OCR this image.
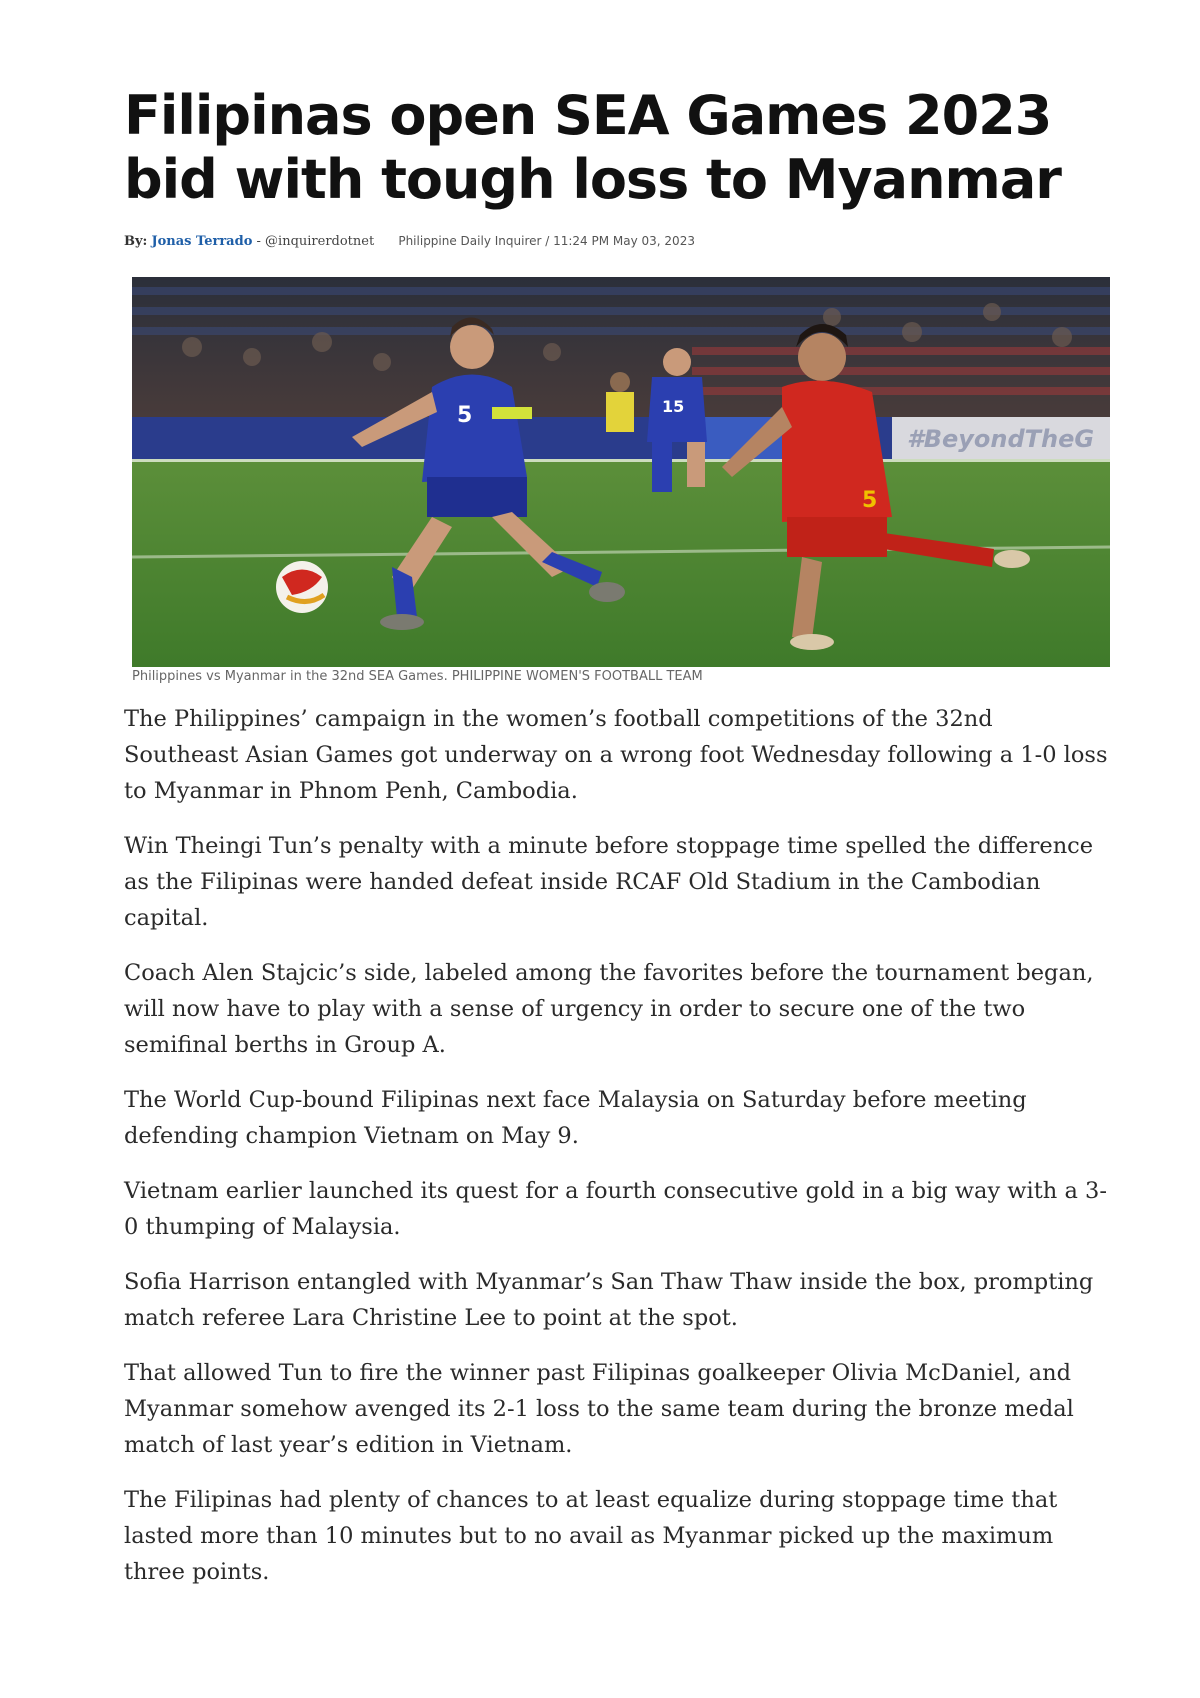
Filipinas open SEA Games 2023 bid with tough loss to Myanmar
By: Jonas Terrado - @inquirerdotnet Philippine Daily Inquirer / 11:24 PM May 03, 2023
#BeyondTheG
5	15
5
Philippines vs Myanmar in the 32nd SEA Games. PHILIPPINE WOMEN'S FOOTBALL TEAM

The Philippines’ campaign in the women’s football competitions of the 32nd Southeast Asian Games got underway on a wrong foot Wednesday following a 1-0 loss to Myanmar in Phnom Penh, Cambodia.

Win Theingi Tun’s penalty with a minute before stoppage time spelled the difference as the Filipinas were handed defeat inside RCAF Old Stadium in the Cambodian capital.

Coach Alen Stajcic’s side, labeled among the favorites before the tournament began, will now have to play with a sense of urgency in order to secure one of the two semifinal berths in Group A.

The World Cup-bound Filipinas next face Malaysia on Saturday before meeting defending champion Vietnam on May 9.

Vietnam earlier launched its quest for a fourth consecutive gold in a big way with a 3-0 thumping of Malaysia.

Sofia Harrison entangled with Myanmar’s San Thaw Thaw inside the box, prompting match referee Lara Christine Lee to point at the spot.

That allowed Tun to fire the winner past Filipinas goalkeeper Olivia McDaniel, and Myanmar somehow avenged its 2-1 loss to the same team during the bronze medal match of last year’s edition in Vietnam.

The Filipinas had plenty of chances to at least equalize during stoppage time that lasted more than 10 minutes but to no avail as Myanmar picked up the maximum three points.
